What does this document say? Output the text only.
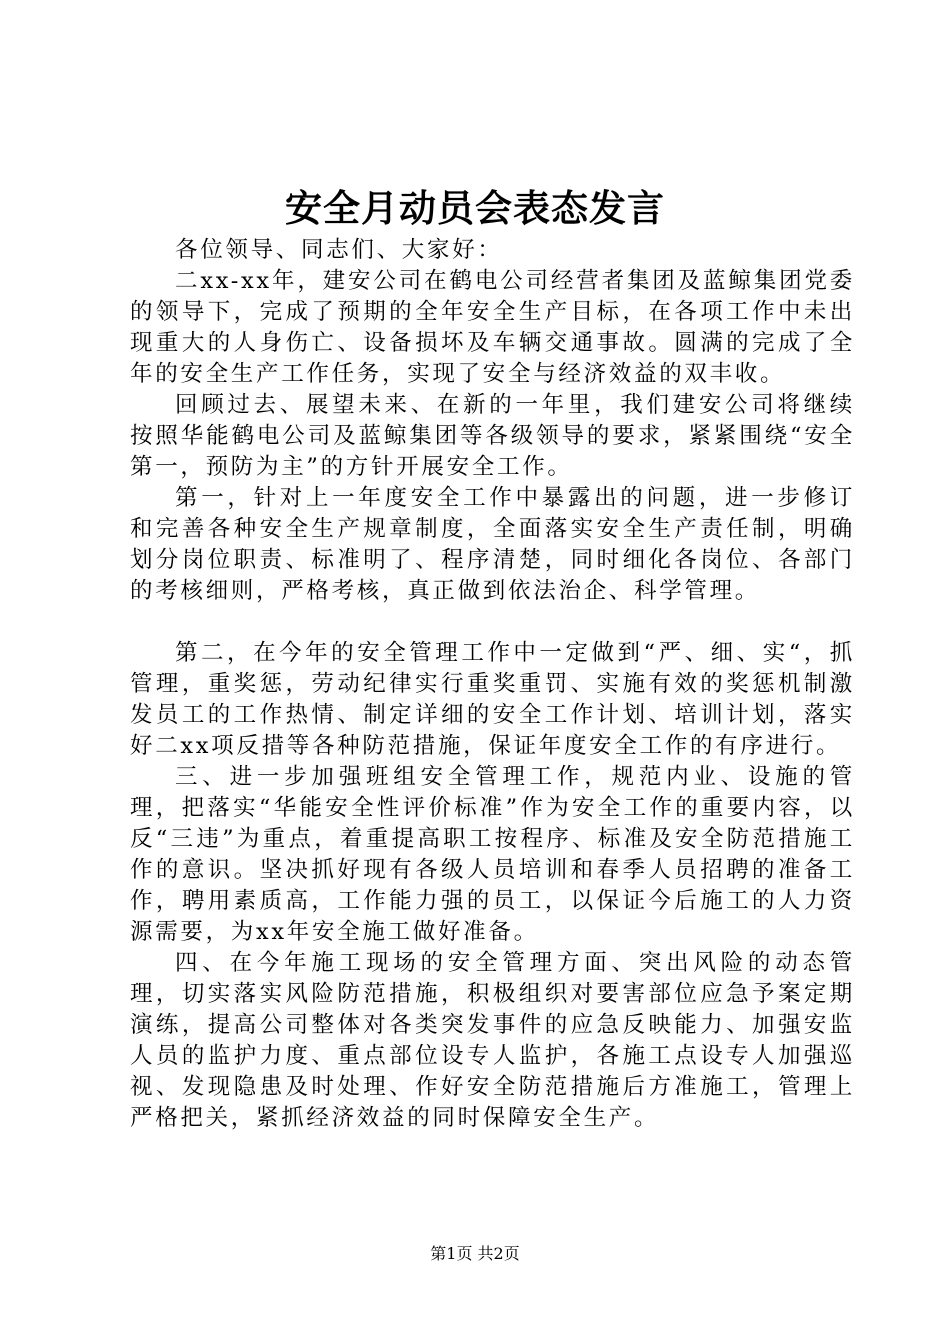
安全月动员会表态发言

各位领导、同志们、大家好：

二xx-xx年，建安公司在鹤电公司经营者集团及蓝鲸集团党委的领导下，完成了预期的全年安全生产目标，在各项工作中未出现重大的人身伤亡、设备损坏及车辆交通事故。圆满的完成了全年的安全生产工作任务，实现了安全与经济效益的双丰收。

回顾过去、展望未来、在新的一年里，我们建安公司将继续按照华能鹤电公司及蓝鲸集团等各级领导的要求，紧紧围绕“安全第一，预防为主”的方针开展安全工作。

第一，针对上一年度安全工作中暴露出的问题，进一步修订和完善各种安全生产规章制度，全面落实安全生产责任制，明确划分岗位职责、标准明了、程序清楚，同时细化各岗位、各部门的考核细则，严格考核，真正做到依法治企、科学管理。

第二，在今年的安全管理工作中一定做到“严、细、实“，抓管理，重奖惩，劳动纪律实行重奖重罚、实施有效的奖惩机制激发员工的工作热情、制定详细的安全工作计划、培训计划，落实好二xx项反措等各种防范措施，保证年度安全工作的有序进行。

三、进一步加强班组安全管理工作，规范内业、设施的管理，把落实“华能安全性评价标准”作为安全工作的重要内容，以反“三违”为重点，着重提高职工按程序、标准及安全防范措施工作的意识。坚决抓好现有各级人员培训和春季人员招聘的准备工作，聘用素质高，工作能力强的员工，以保证今后施工的人力资源需要，为xx年安全施工做好准备。

四、在今年施工现场的安全管理方面、突出风险的动态管理，切实落实风险防范措施，积极组织对要害部位应急予案定期演练，提高公司整体对各类突发事件的应急反映能力、加强安监人员的监护力度、重点部位设专人监护，各施工点设专人加强巡视、发现隐患及时处理、作好安全防范措施后方准施工，管理上严格把关，紧抓经济效益的同时保障安全生产。

第1页 共2页
